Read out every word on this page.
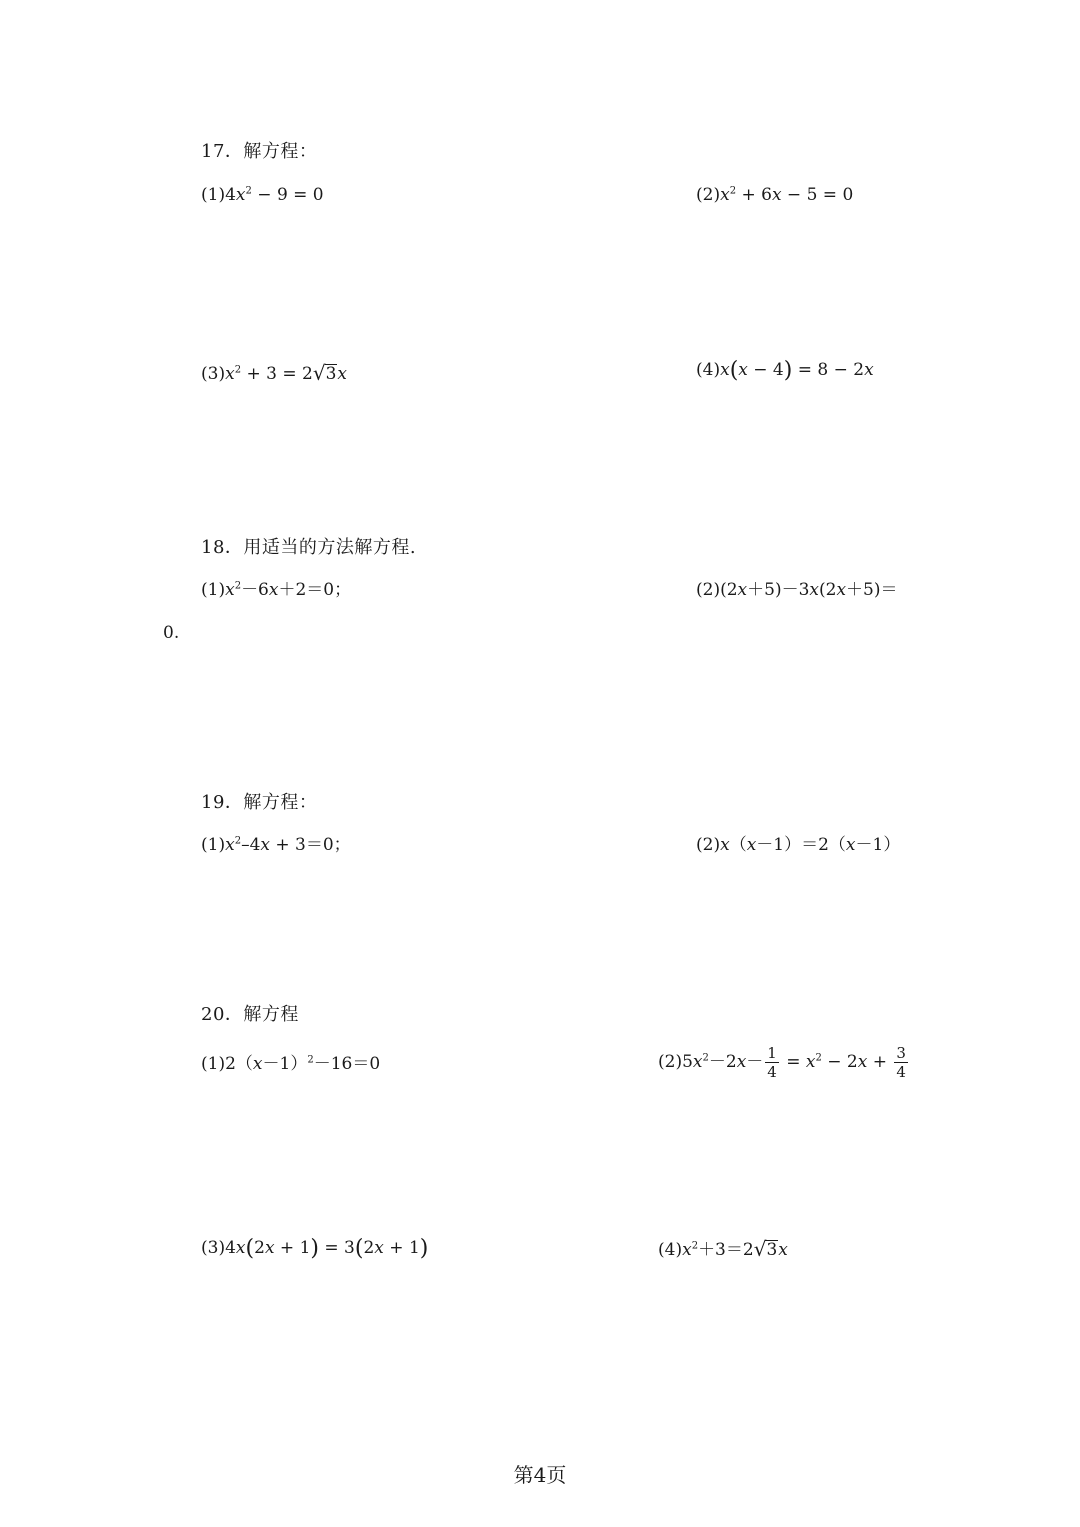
17．解方程：
$(1)4x^2 - 9 = 0$	$(2)x^2 + 6x - 5 = 0$
$(3)x^2 + 3 = 2√3x$	(4)x(x − 4) = 8 − 2x
18．用适当的方法解方程.
$(1)x^2-6x+2=0$；	(2)(2x＋5)－3x(2x＋5)＝
0.
19．解方程：
$(1)x^2-4x + 3=0$；	(2)x（x－1）＝2（x－1）
20．解方程
$(1)2(x-1)^2-16=0$	$(2)5x^2-2x- \frac{1}{4} = x^2 - 2x + \frac{3}{4}$
(3)4x(2x + 1) = 3(2x + 1)	$(4)x^2+3=2√3x$
第4页
